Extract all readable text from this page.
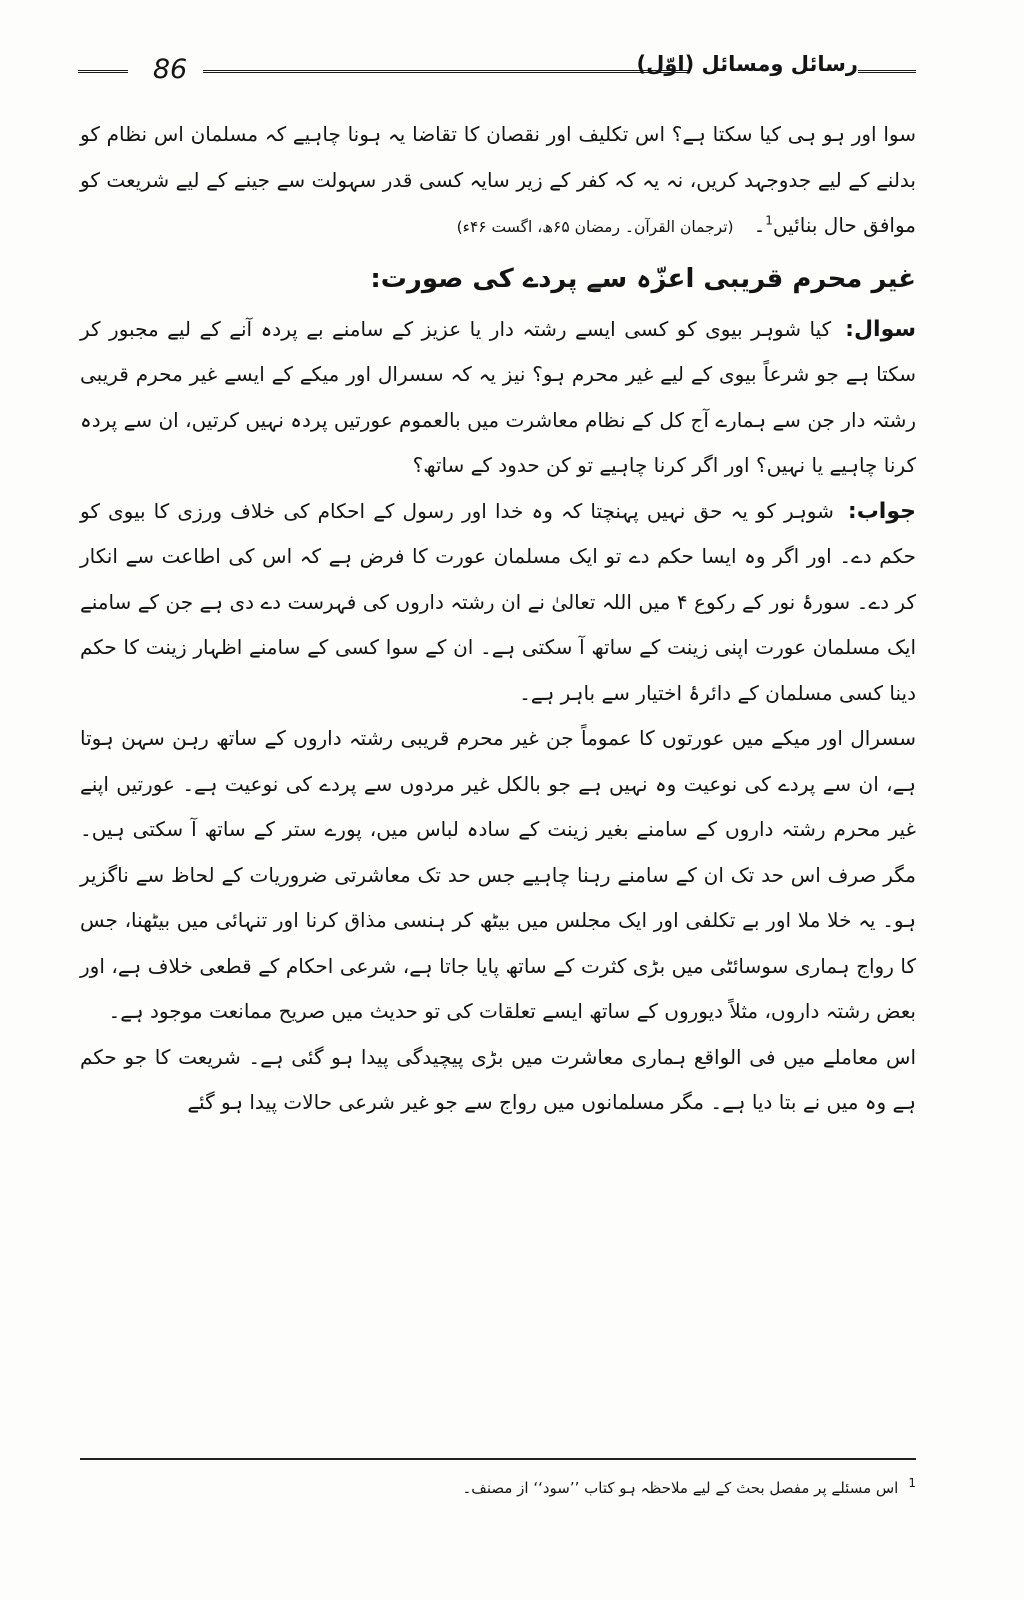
86	رسائل ومسائل (اوّل)

سوا اور ہو ہی کیا سکتا ہے؟ اس تکلیف اور نقصان کا تقاضا یہ ہونا چاہیے کہ مسلمان اس نظام کو بدلنے کے لیے جدوجہد کریں، نہ یہ کہ کفر کے زیر سایہ کسی قدر سہولت سے جینے کے لیے شریعت کو موافق حال بنائیں$^1$۔(ترجمان القرآن۔ رمضان ۶۵ھ، اگست ۴۶ء)

غیر محرم قریبی اعزّہ سے پردے کی صورت:

سوال:کیا شوہر بیوی کو کسی ایسے رشتہ دار یا عزیز کے سامنے بے پردہ آنے کے لیے مجبور کر سکتا ہے جو شرعاً بیوی کے لیے غیر محرم ہو؟ نیز یہ کہ سسرال اور میکے کے ایسے غیر محرم قریبی رشتہ دار جن سے ہمارے آج کل کے نظام معاشرت میں بالعموم عورتیں پردہ نہیں کرتیں، ان سے پردہ کرنا چاہیے یا نہیں؟ اور اگر کرنا چاہیے تو کن حدود کے ساتھ؟

جواب:شوہر کو یہ حق نہیں پہنچتا کہ وہ خدا اور رسول کے احکام کی خلاف ورزی کا بیوی کو حکم دے۔ اور اگر وہ ایسا حکم دے تو ایک مسلمان عورت کا فرض ہے کہ اس کی اطاعت سے انکار کر دے۔ سورۂ نور کے رکوع ۴ میں اللہ تعالیٰ نے ان رشتہ داروں کی فہرست دے دی ہے جن کے سامنے ایک مسلمان عورت اپنی زینت کے ساتھ آ سکتی ہے۔ ان کے سوا کسی کے سامنے اظہار زینت کا حکم دینا کسی مسلمان کے دائرۂ اختیار سے باہر ہے۔

سسرال اور میکے میں عورتوں کا عموماً جن غیر محرم قریبی رشتہ داروں کے ساتھ رہن سہن ہوتا ہے، ان سے پردے کی نوعیت وہ نہیں ہے جو بالکل غیر مردوں سے پردے کی نوعیت ہے۔ عورتیں اپنے غیر محرم رشتہ داروں کے سامنے بغیر زینت کے سادہ لباس میں، پورے ستر کے ساتھ آ سکتی ہیں۔ مگر صرف اس حد تک ان کے سامنے رہنا چاہیے جس حد تک معاشرتی ضروریات کے لحاظ سے ناگزیر ہو۔ یہ خلا ملا اور بے تکلفی اور ایک مجلس میں بیٹھ کر ہنسی مذاق کرنا اور تنہائی میں بیٹھنا، جس کا رواج ہماری سوسائٹی میں بڑی کثرت کے ساتھ پایا جاتا ہے، شرعی احکام کے قطعی خلاف ہے، اور بعض رشتہ داروں، مثلاً دیوروں کے ساتھ ایسے تعلقات کی تو حدیث میں صریح ممانعت موجود ہے۔

اس معاملے میں فی الواقع ہماری معاشرت میں بڑی پیچیدگی پیدا ہو گئی ہے۔ شریعت کا جو حکم ہے وہ میں نے بتا دیا ہے۔ مگر مسلمانوں میں رواج سے جو غیر شرعی حالات پیدا ہو گئے

$^1$اس مسئلے پر مفصل بحث کے لیے ملاحظہ ہو کتاب ’’سود‘‘ از مصنف۔
